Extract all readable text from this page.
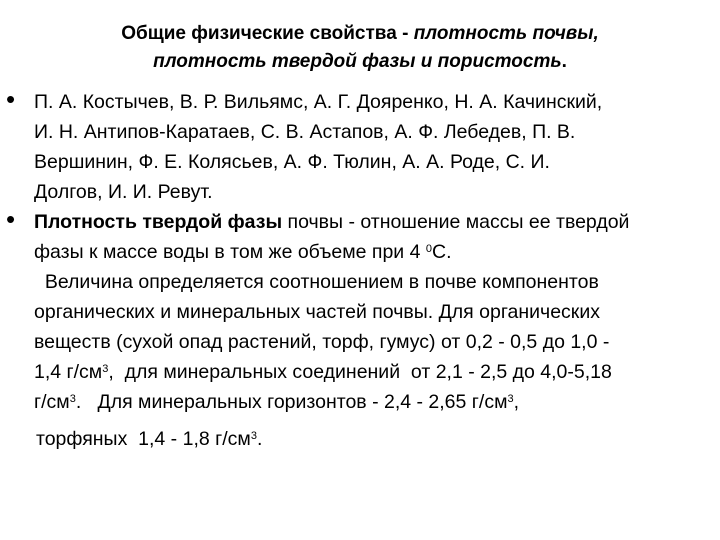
Общие физические свойства - плотность почвы,
плотность твердой фазы и пористость.
• П. А. Костычев, В. Р. Вильямс, А. Г. Дояренко, Н. А. Качинский,
И. Н. Антипов-Каратаев, С. В. Астапов, А. Ф. Лебедев, П. В.
Вершинин, Ф. Е. Колясьев, А. Ф. Тюлин, А. А. Роде, С. И.
Долгов, И. И. Ревут.
• Плотность твердой фазы почвы - отношение массы ее твердой
фазы к массе воды в том же объеме при 4 $^0$С.
Величина определяется соотношением в почве компонентов
органических и минеральных частей почвы. Для органических
веществ (сухой опад растений, торф, гумус) от 0,2 - 0,5 до 1,0 -
1,4 $г/см^3$,  для минеральных соединений  от 2,1 - 2,5 до 4,0-5,18
$г/см^3$.   Для минеральных горизонтов - 2,4 - 2,65 $г/см^3$,
торфяных  1,4 - 1,8 $г/см^3$.
